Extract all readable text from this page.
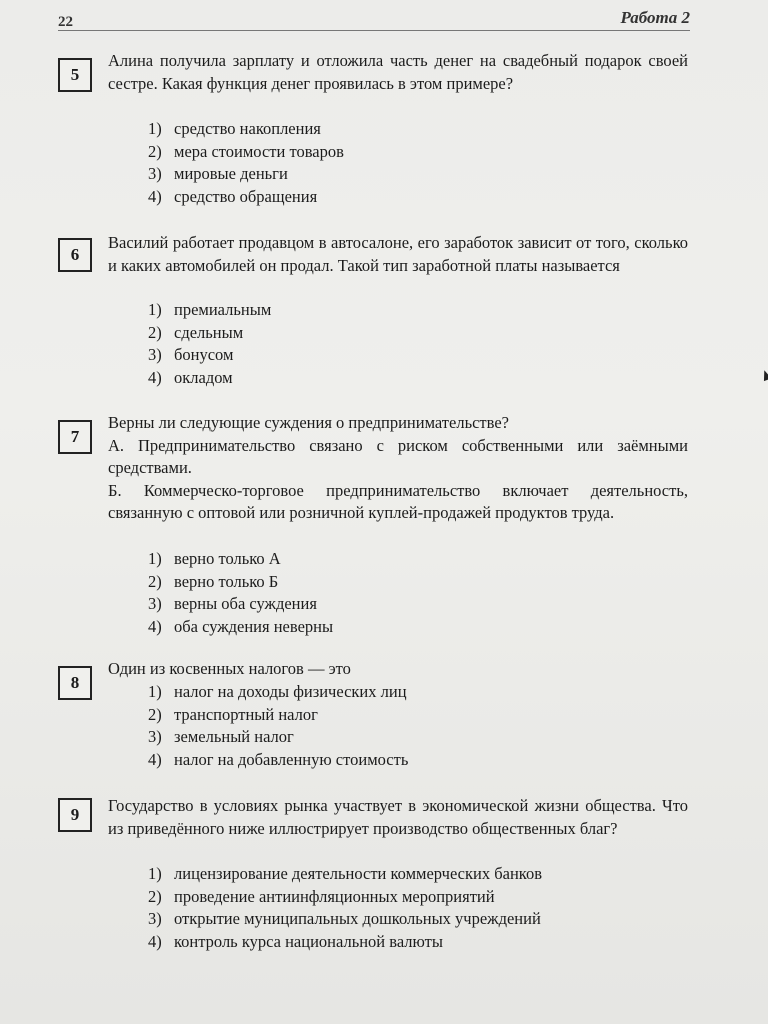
22	Работа 2
5

Алина получила зарплату и отложила часть денег на свадебный подарок своей сестре. Какая функция денег проявилась в этом примере?

1) средство накопления
2) мера стоимости товаров
3) мировые деньги
4) средство обращения
6

Василий работает продавцом в автосалоне, его заработок зависит от того, сколько и каких автомобилей он продал. Такой тип заработной платы называется

1) премиальным
2) сдельным
3) бонусом
4) окладом
7

Верны ли следующие суждения о предпринимательстве?

А. Предпринимательство связано с риском собственными или заёмными средствами.

Б. Коммерческо-торговое предпринимательство включает деятельность, связанную с оптовой или розничной куплей-продажей продуктов труда.

1) верно только А
2) верно только Б
3) верны оба суждения
4) оба суждения неверны
8

Один из косвенных налогов — это

1) налог на доходы физических лиц
2) транспортный налог
3) земельный налог
4) налог на добавленную стоимость
9	Государство в условиях рынка участвует в экономической жизни общества. Что из приведённого ниже иллюстрирует производство общественных благ?

1) лицензирование деятельности коммерческих банков
2) проведение антиинфляционных мероприятий
3) открытие муниципальных дошкольных учреждений
4) контроль курса национальной валюты
